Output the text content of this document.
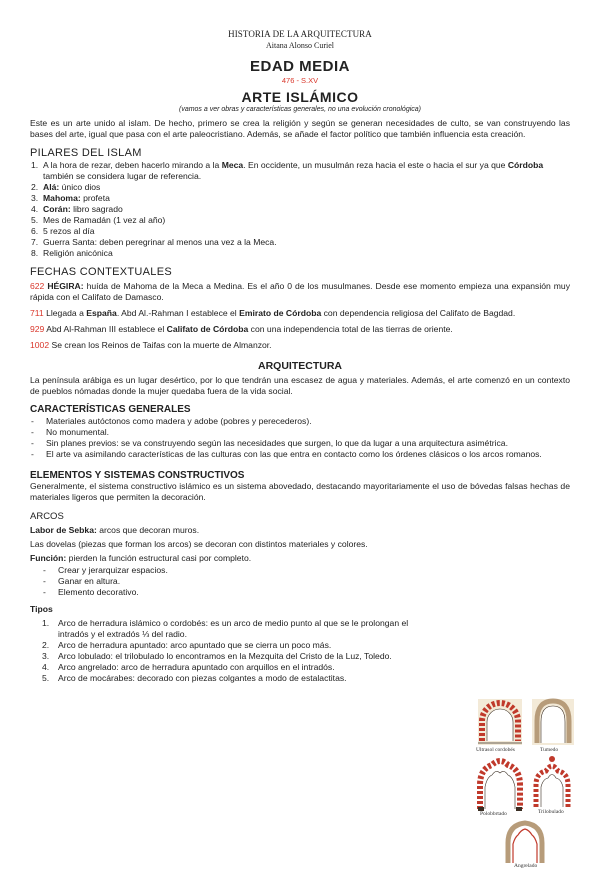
HISTORIA DE LA ARQUITECTURA
Aitana Alonso Curiel
EDAD MEDIA
476 - S.XV
ARTE ISLÁMICO
(vamos a ver obras y características generales, no una evolución cronológica)

Este es un arte unido al islam. De hecho, primero se crea la religión y según se generan necesidades de culto, se van construyendo las bases del arte, igual que pasa con el arte paleocristiano. Además, se añade el factor político que también influencia esta creación.

PILARES DEL ISLAM
1. A la hora de rezar, deben hacerlo mirando a la Meca. En occidente, un musulmán reza hacia el este o hacia el sur ya que Córdoba también se considera lugar de referencia.
2. Alá: único dios
3. Mahoma: profeta
4. Corán: libro sagrado
5. Mes de Ramadán (1 vez al año)
6. 5 rezos al día
7. Guerra Santa: deben peregrinar al menos una vez a la Meca.
8. Religión anicónica
FECHAS CONTEXTUALES

622 HÉGIRA: huída de Mahoma de la Meca a Medina. Es el año 0 de los musulmanes. Desde ese momento empieza una expansión muy rápida con el Califato de Damasco.

711 Llegada a España. Abd Al.-Rahman I establece el Emirato de Córdoba con dependencia religiosa del Califato de Bagdad.

929 Abd Al-Rahman III establece el Califato de Córdoba con una independencia total de las tierras de oriente.

1002 Se crean los Reinos de Taifas con la muerte de Almanzor.

ARQUITECTURA

La península arábiga es un lugar desértico, por lo que tendrán una escasez de agua y materiales. Además, el arte comenzó en un contexto de pueblos nómadas donde la mujer quedaba fuera de la vida social.

CARACTERÍSTICAS GENERALES
- Materiales autóctonos como madera y adobe (pobres y perecederos).
- No monumental.
- Sin planes previos: se va construyendo según las necesidades que surgen, lo que da lugar a una arquitectura asimétrica.
- El arte va asimilando características de las culturas con las que entra en contacto como los órdenes clásicos o los arcos romanos.
ELEMENTOS Y SISTEMAS CONSTRUCTIVOS

Generalmente, el sistema constructivo islámico es un sistema abovedado, destacando mayoritariamente el uso de bóvedas falsas hechas de materiales ligeros que permiten la decoración.

ARCOS

Labor de Sebka: arcos que decoran muros.

Las dovelas (piezas que forman los arcos) se decoran con distintos materiales y colores.

Función: pierden la función estructural casi por completo.

- Crear y jerarquizar espacios.
- Ganar en altura.
- Elemento decorativo.

Tipos

1. Arco de herradura islámico o cordobés: es un arco de medio punto al que se le prolongan el intradós y el extradós ⅓ del radio.
2. Arco de herradura apuntado: arco apuntado que se cierra un poco más.
3. Arco lobulado: el trilobulado lo encontramos en la Mezquita del Cristo de la Luz, Toledo.
4. Arco angrelado: arco de herradura apuntado con arquillos en el intradós.
5. Arco de mocárabes: decorado con piezas colgantes a modo de estalactitas.
Ultrasol cordobés	Tumedo
Polobbrtado	Trilobulado
Angrelado
